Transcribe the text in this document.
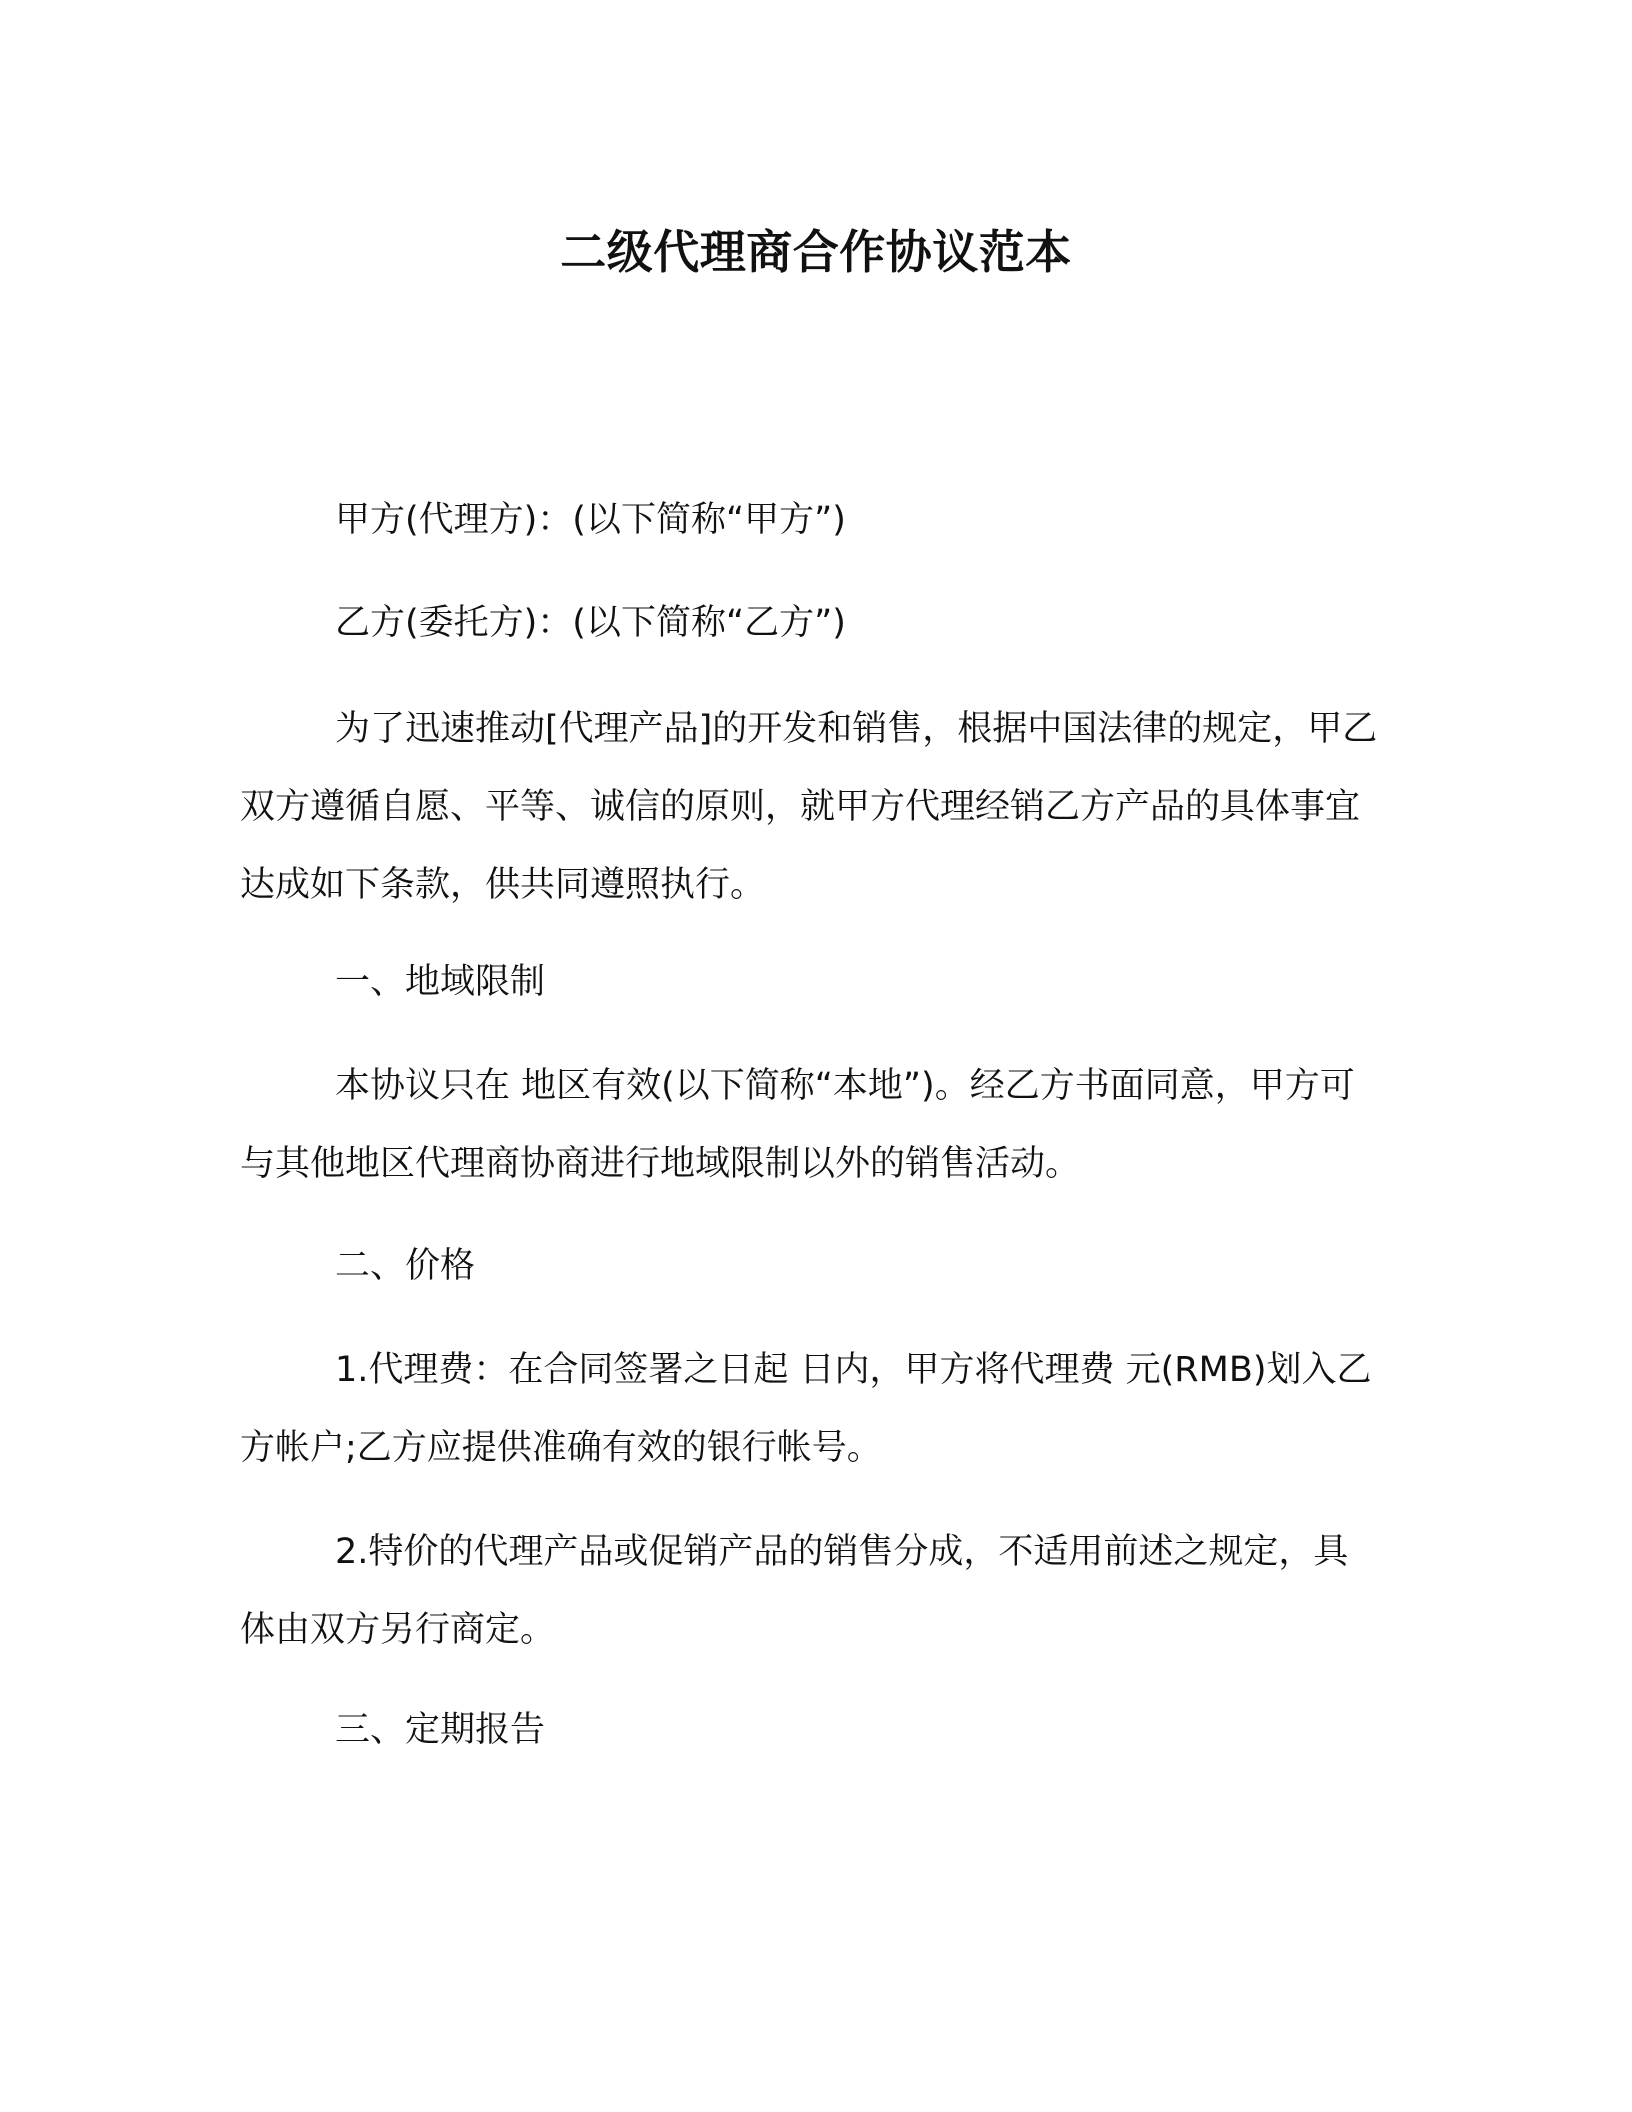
二级代理商合作协议范本
甲方(代理方)：(以下简称“甲方”)
乙方(委托方)：(以下简称“乙方”)
为了迅速推动[代理产品]的开发和销售，根据中国法律的规定，甲乙双方遵循自愿、平等、诚信的原则，就甲方代理经销乙方产品的具体事宜达成如下条款，供共同遵照执行。
一、地域限制
本协议只在 地区有效(以下简称“本地”)。经乙方书面同意，甲方可与其他地区代理商协商进行地域限制以外的销售活动。
二、价格
1.代理费：在合同签署之日起 日内，甲方将代理费 元(RMB)划入乙方帐户;乙方应提供准确有效的银行帐号。
2.特价的代理产品或促销产品的销售分成，不适用前述之规定，具体由双方另行商定。
三、定期报告
